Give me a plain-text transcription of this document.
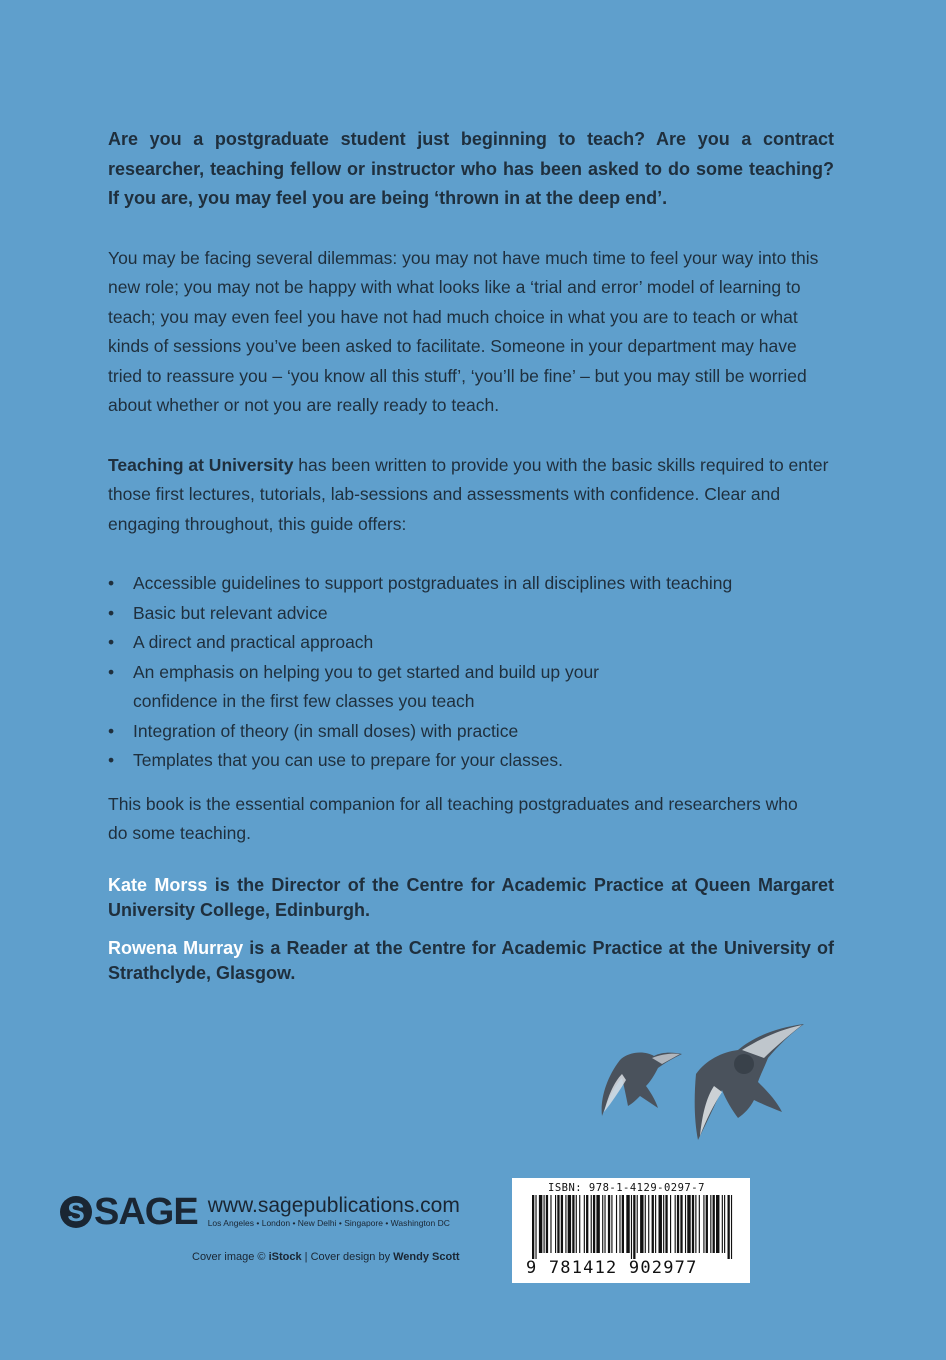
Are you a postgraduate student just beginning to teach? Are you a contract researcher, teaching fellow or instructor who has been asked to do some teaching? If you are, you may feel you are being ‘thrown in at the deep end’.

You may be facing several dilemmas: you may not have much time to feel your way into this new role; you may not be happy with what looks like a ‘trial and error’ model of learning to teach; you may even feel you have not had much choice in what you are to teach or what kinds of sessions you’ve been asked to facilitate. Someone in your department may have tried to reassure you – ‘you know all this stuff’, ‘you’ll be fine’ – but you may still be worried about whether or not you are really ready to teach.

Teaching at University has been written to provide you with the basic skills required to enter those first lectures, tutorials, lab-sessions and assessments with confidence. Clear and engaging throughout, this guide offers:

• Accessible guidelines to support postgraduates in all disciplines with teaching
• Basic but relevant advice
• A direct and practical approach
• An emphasis on helping you to get started and build up your confidence in the first few classes you teach
• Integration of theory (in small doses) with practice
• Templates that you can use to prepare for your classes.

This book is the essential companion for all teaching postgraduates and researchers who do some teaching.

Kate Morss is the Director of the Centre for Academic Practice at Queen Margaret University College, Edinburgh.

Rowena Murray is a Reader at the Centre for Academic Practice at the University of Strathclyde, Glasgow.

S SAGE www.sagepublications.com
Los Angeles • London • New Delhi • Singapore • Washington DC
Cover image © iStock | Cover design by Wendy Scott
ISBN: 978-1-4129-0297-7
9 781412 902977
